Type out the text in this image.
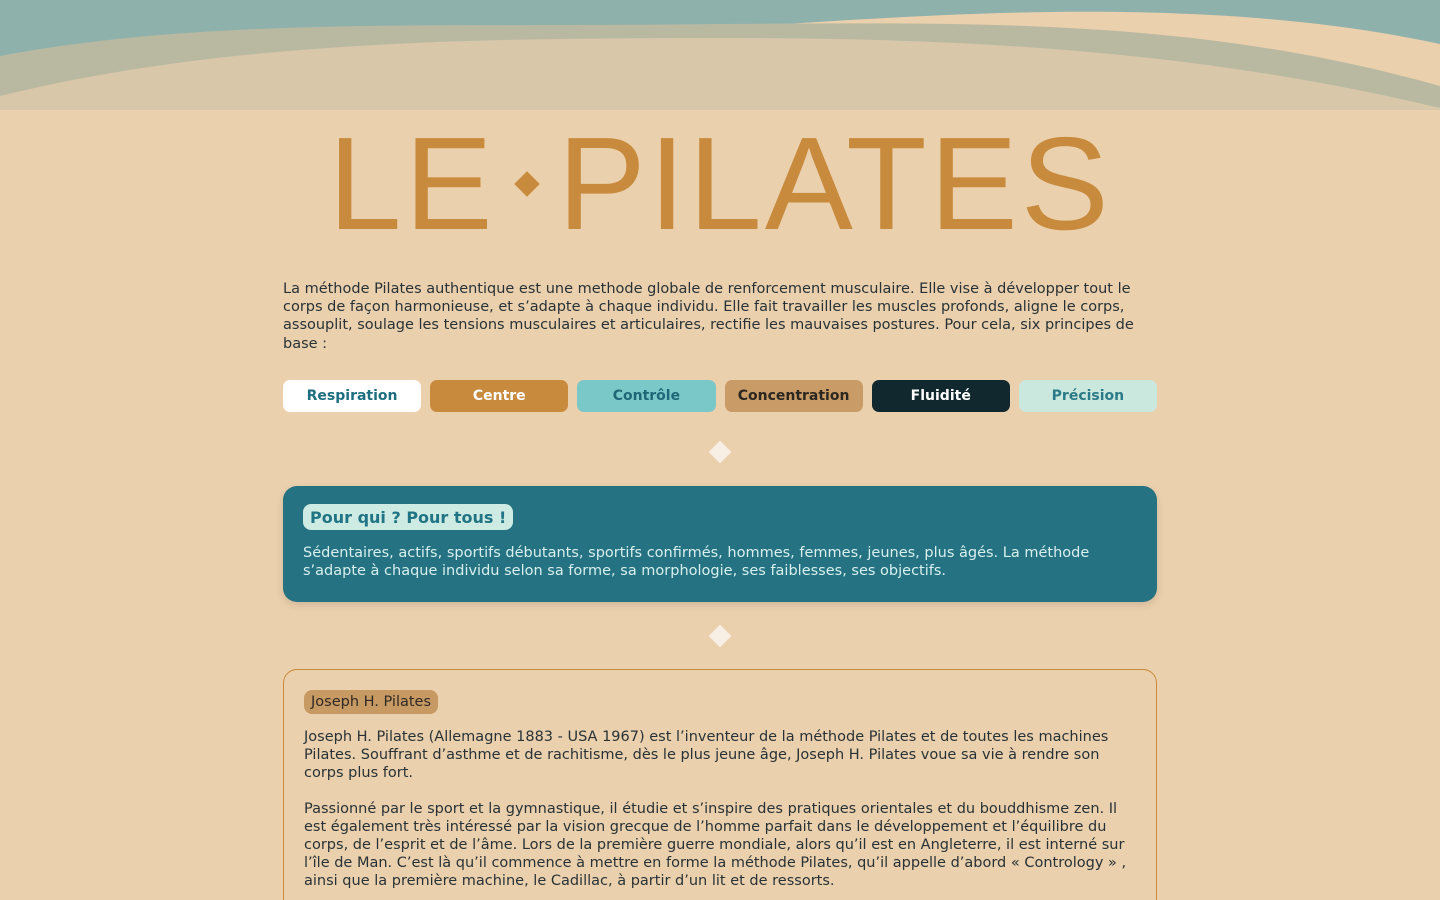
LE PILATES
La méthode Pilates authentique est une methode globale de renforcement musculaire. Elle vise à développer tout le corps de façon harmonieuse, et s’adapte à chaque individu. Elle fait travailler les muscles profonds, aligne le corps, assouplit, soulage les tensions musculaires et articulaires, rectifie les mauvaises postures. Pour cela, six principes de base :
Respiration	Centre	Contrôle	Concentration	Fluidité	Précision
Pour qui ? Pour tous !
Sédentaires, actifs, sportifs débutants, sportifs confirmés, hommes, femmes, jeunes, plus âgés. La méthode s’adapte à chaque individu selon sa forme, sa morphologie, ses faiblesses, ses objectifs.
Joseph H. Pilates

Joseph H. Pilates (Allemagne 1883 - USA 1967) est l’inventeur de la méthode Pilates et de toutes les machines Pilates. Souffrant d’asthme et de rachitisme, dès le plus jeune âge, Joseph H. Pilates voue sa vie à rendre son corps plus fort.

Passionné par le sport et la gymnastique, il étudie et s’inspire des pratiques orientales et du bouddhisme zen. Il est également très intéressé par la vision grecque de l’homme parfait dans le développement et l’équilibre du corps, de l’esprit et de l’âme. Lors de la première guerre mondiale, alors qu’il est en Angleterre, il est interné sur l’île de Man. C’est là qu’il commence à mettre en forme la méthode Pilates, qu’il appelle d’abord « Contrology » , ainsi que la première machine, le Cadillac, à partir d’un lit et de ressorts.
